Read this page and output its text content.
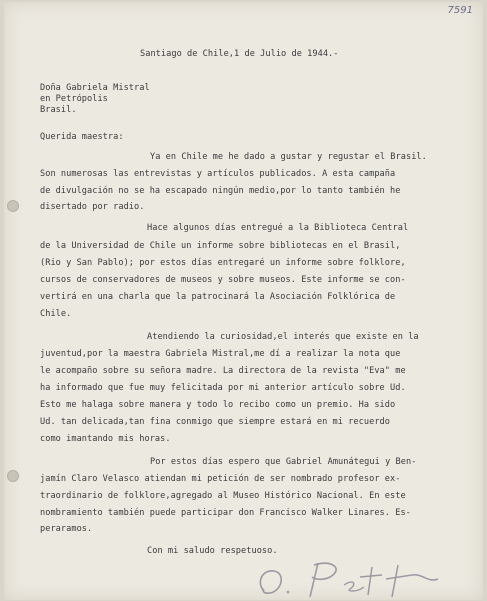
7591
Santiago de Chile,1 de Julio de 1944.-
Doña Gabriela Mistral
en Petrópolis
Brasil.
Querida maestra:
Ya en Chile me he dado a gustar y regustar el Brasil.
Son numerosas las entrevistas y artículos publicados. A esta campaña
de divulgación no se ha escapado ningún medio,por lo tanto también he
disertado por radio.
Hace algunos días entregué a la Biblioteca Central
de la Universidad de Chile un informe sobre bibliotecas en el Brasil,
(Rio y San Pablo); por estos días entregaré un informe sobre folklore,
cursos de conservadores de museos y sobre museos. Este informe se con-
vertirá en una charla que la patrocinará la Asociación Folklórica de
Chile.
Atendiendo la curiosidad,el interés que existe en la
juventud,por la maestra Gabriela Mistral,me dí a realizar la nota que
le acompaño sobre su señora madre. La directora de la revista "Eva" me
ha informado que fue muy felicitada por mi anterior artículo sobre Ud.
Esto me halaga sobre manera y todo lo recibo como un premio. Ha sido
Ud. tan delicada,tan fina conmigo que siempre estará en mi recuerdo
como imantando mis horas.
Por estos días espero que Gabriel Amunátegui y Ben-
jamín Claro Velasco atiendan mi petición de ser nombrado profesor ex-
traordinario de folklore,agregado al Museo Histórico Nacional. En este
nombramiento también puede participar don Francisco Walker Linares. Es-
peraramos.
Con mi saludo respetuoso.
